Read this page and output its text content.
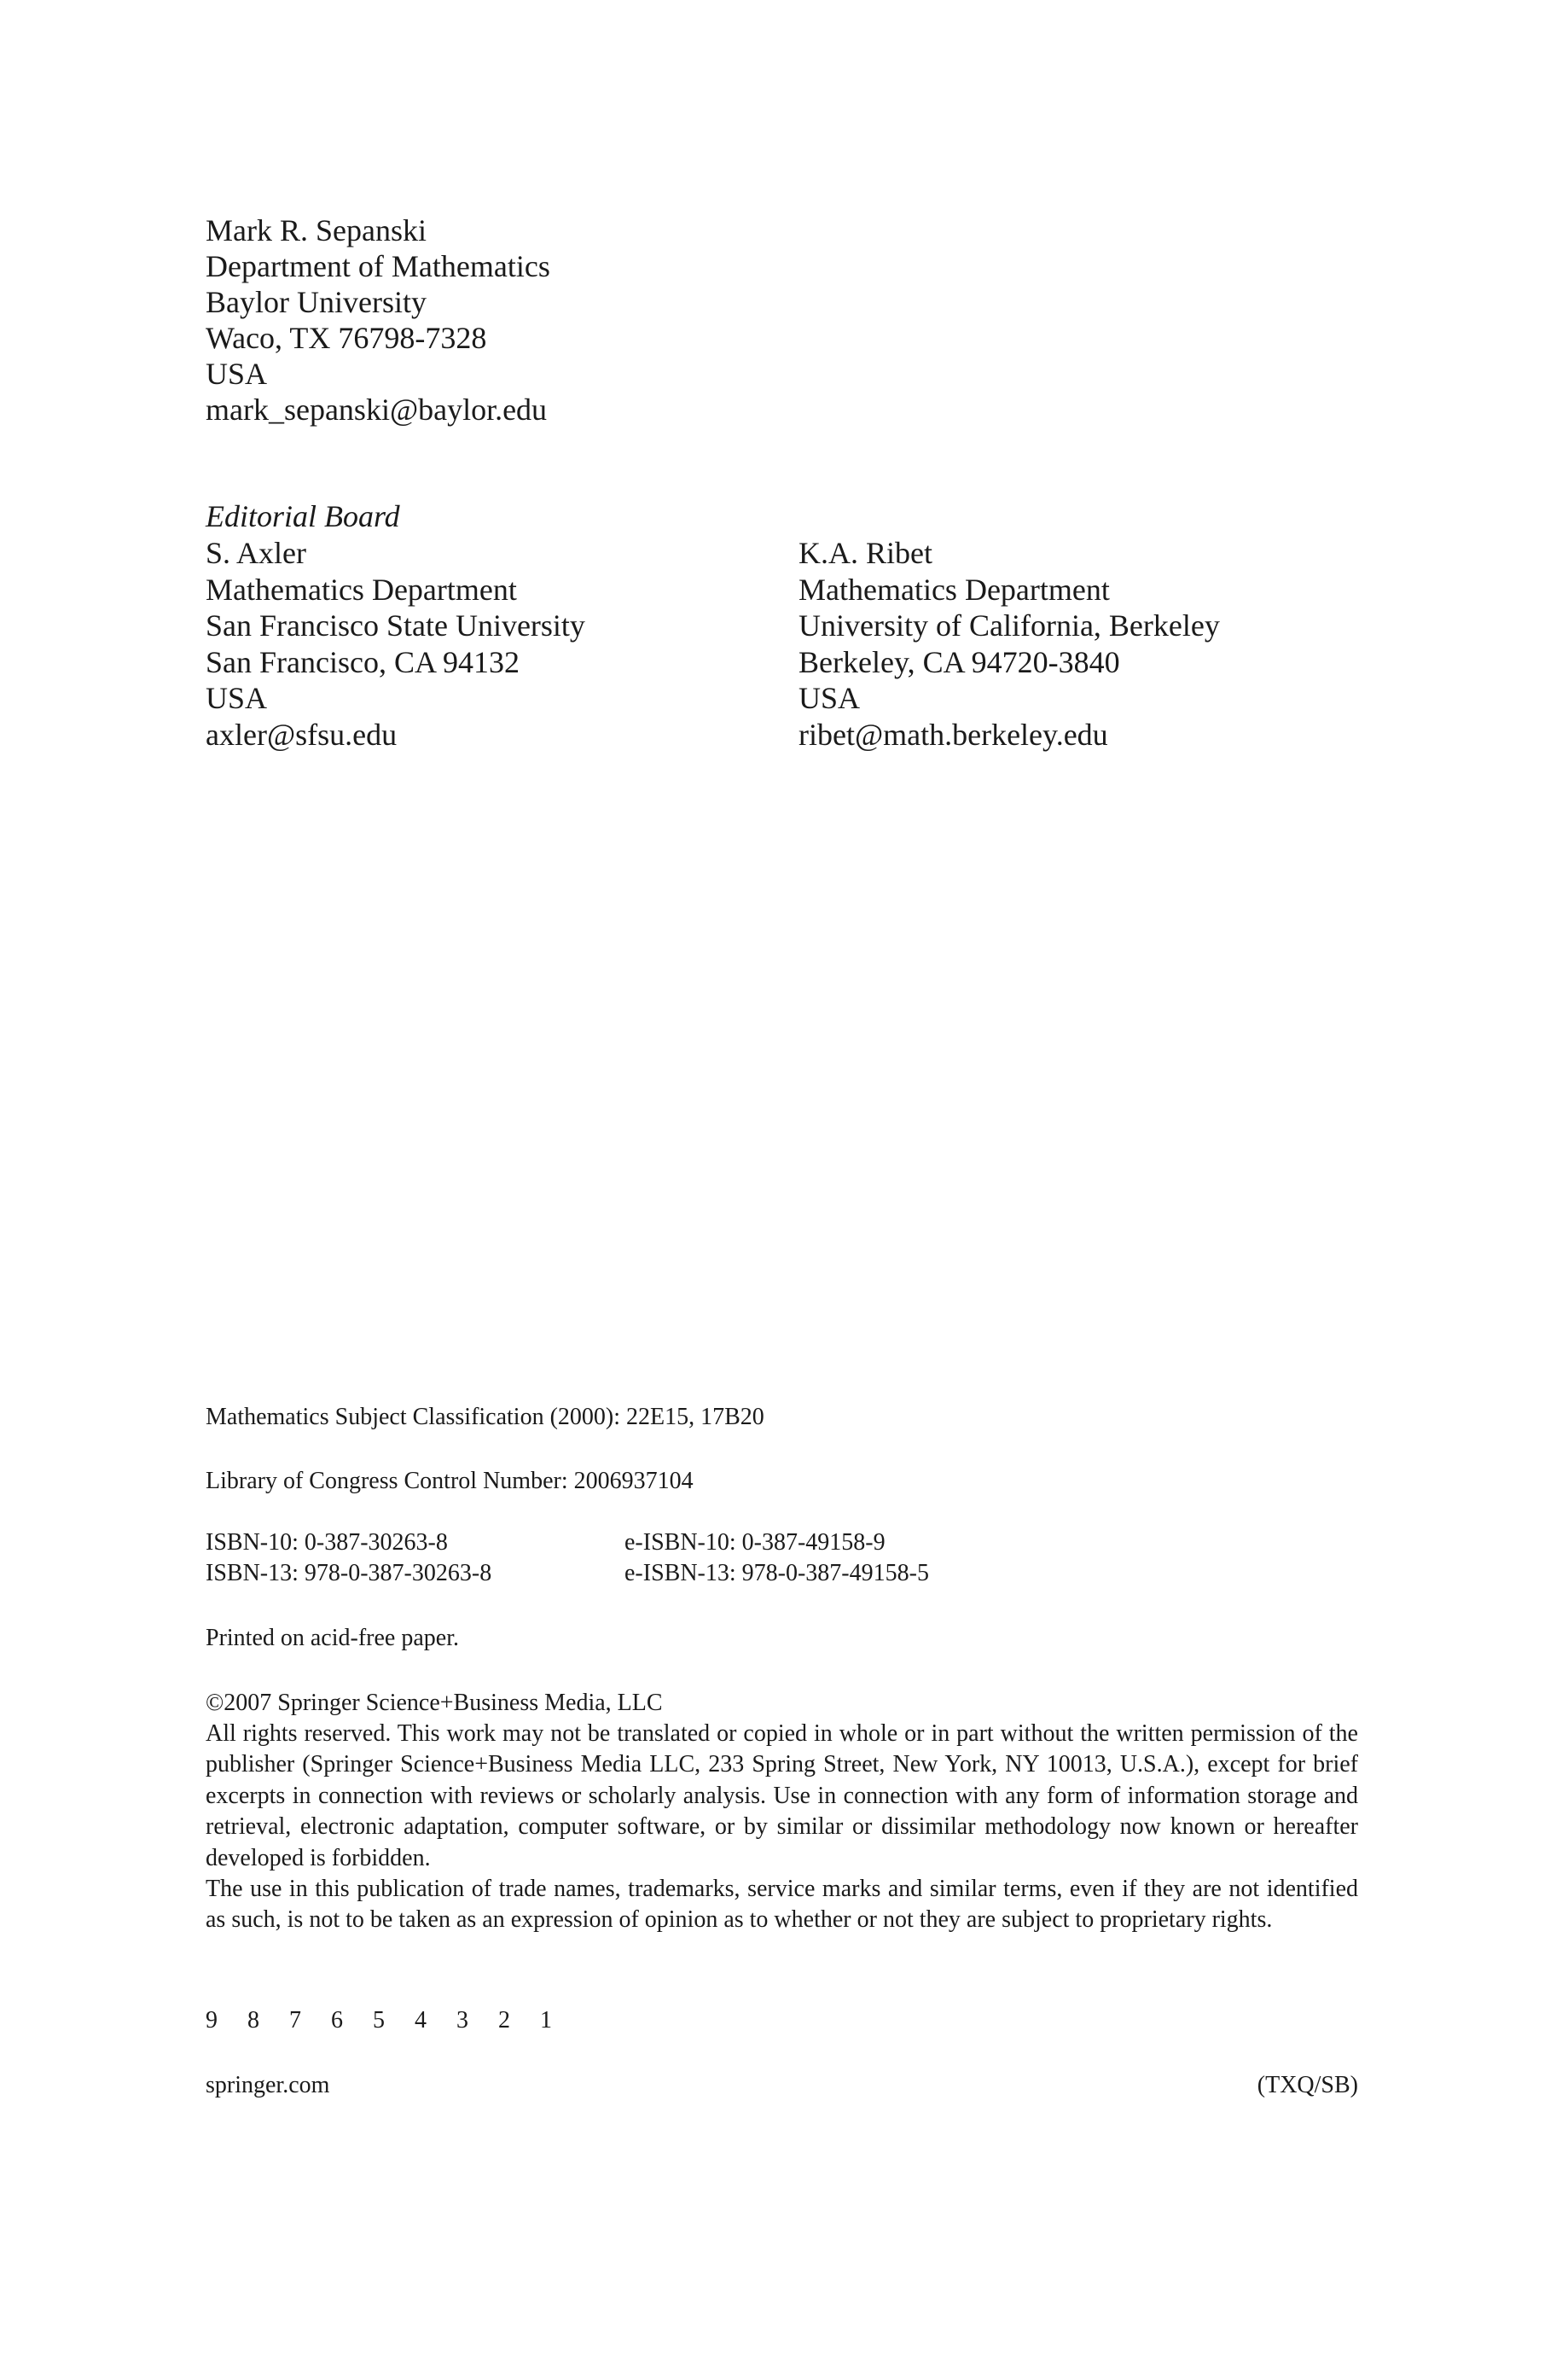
Mark R. Sepanski
Department of Mathematics
Baylor University
Waco, TX 76798-7328
USA
mark_sepanski@baylor.edu
Editorial Board
S. Axler
Mathematics Department
San Francisco State University
San Francisco, CA 94132
USA
axler@sfsu.edu
K.A. Ribet
Mathematics Department
University of California, Berkeley
Berkeley, CA 94720-3840
USA
ribet@math.berkeley.edu
Mathematics Subject Classification (2000): 22E15, 17B20
Library of Congress Control Number: 2006937104
ISBN-10: 0-387-30263-8
ISBN-13: 978-0-387-30263-8
e-ISBN-10: 0-387-49158-9
e-ISBN-13: 978-0-387-49158-5
Printed on acid-free paper.
©2007 Springer Science+Business Media, LLC

All rights reserved. This work may not be translated or copied in whole or in part without the written permission of the publisher (Springer Science+Business Media LLC, 233 Spring Street, New York, NY 10013, U.S.A.), except for brief excerpts in connection with reviews or scholarly analysis. Use in connection with any form of information storage and retrieval, electronic adaptation, computer software, or by similar or dissimilar methodology now known or hereafter developed is forbidden.

The use in this publication of trade names, trademarks, service marks and similar terms, even if they are not identified as such, is not to be taken as an expression of opinion as to whether or not they are subject to proprietary rights.

9 8 7 6 5 4 3 2 1
springer.com	(TXQ/SB)
